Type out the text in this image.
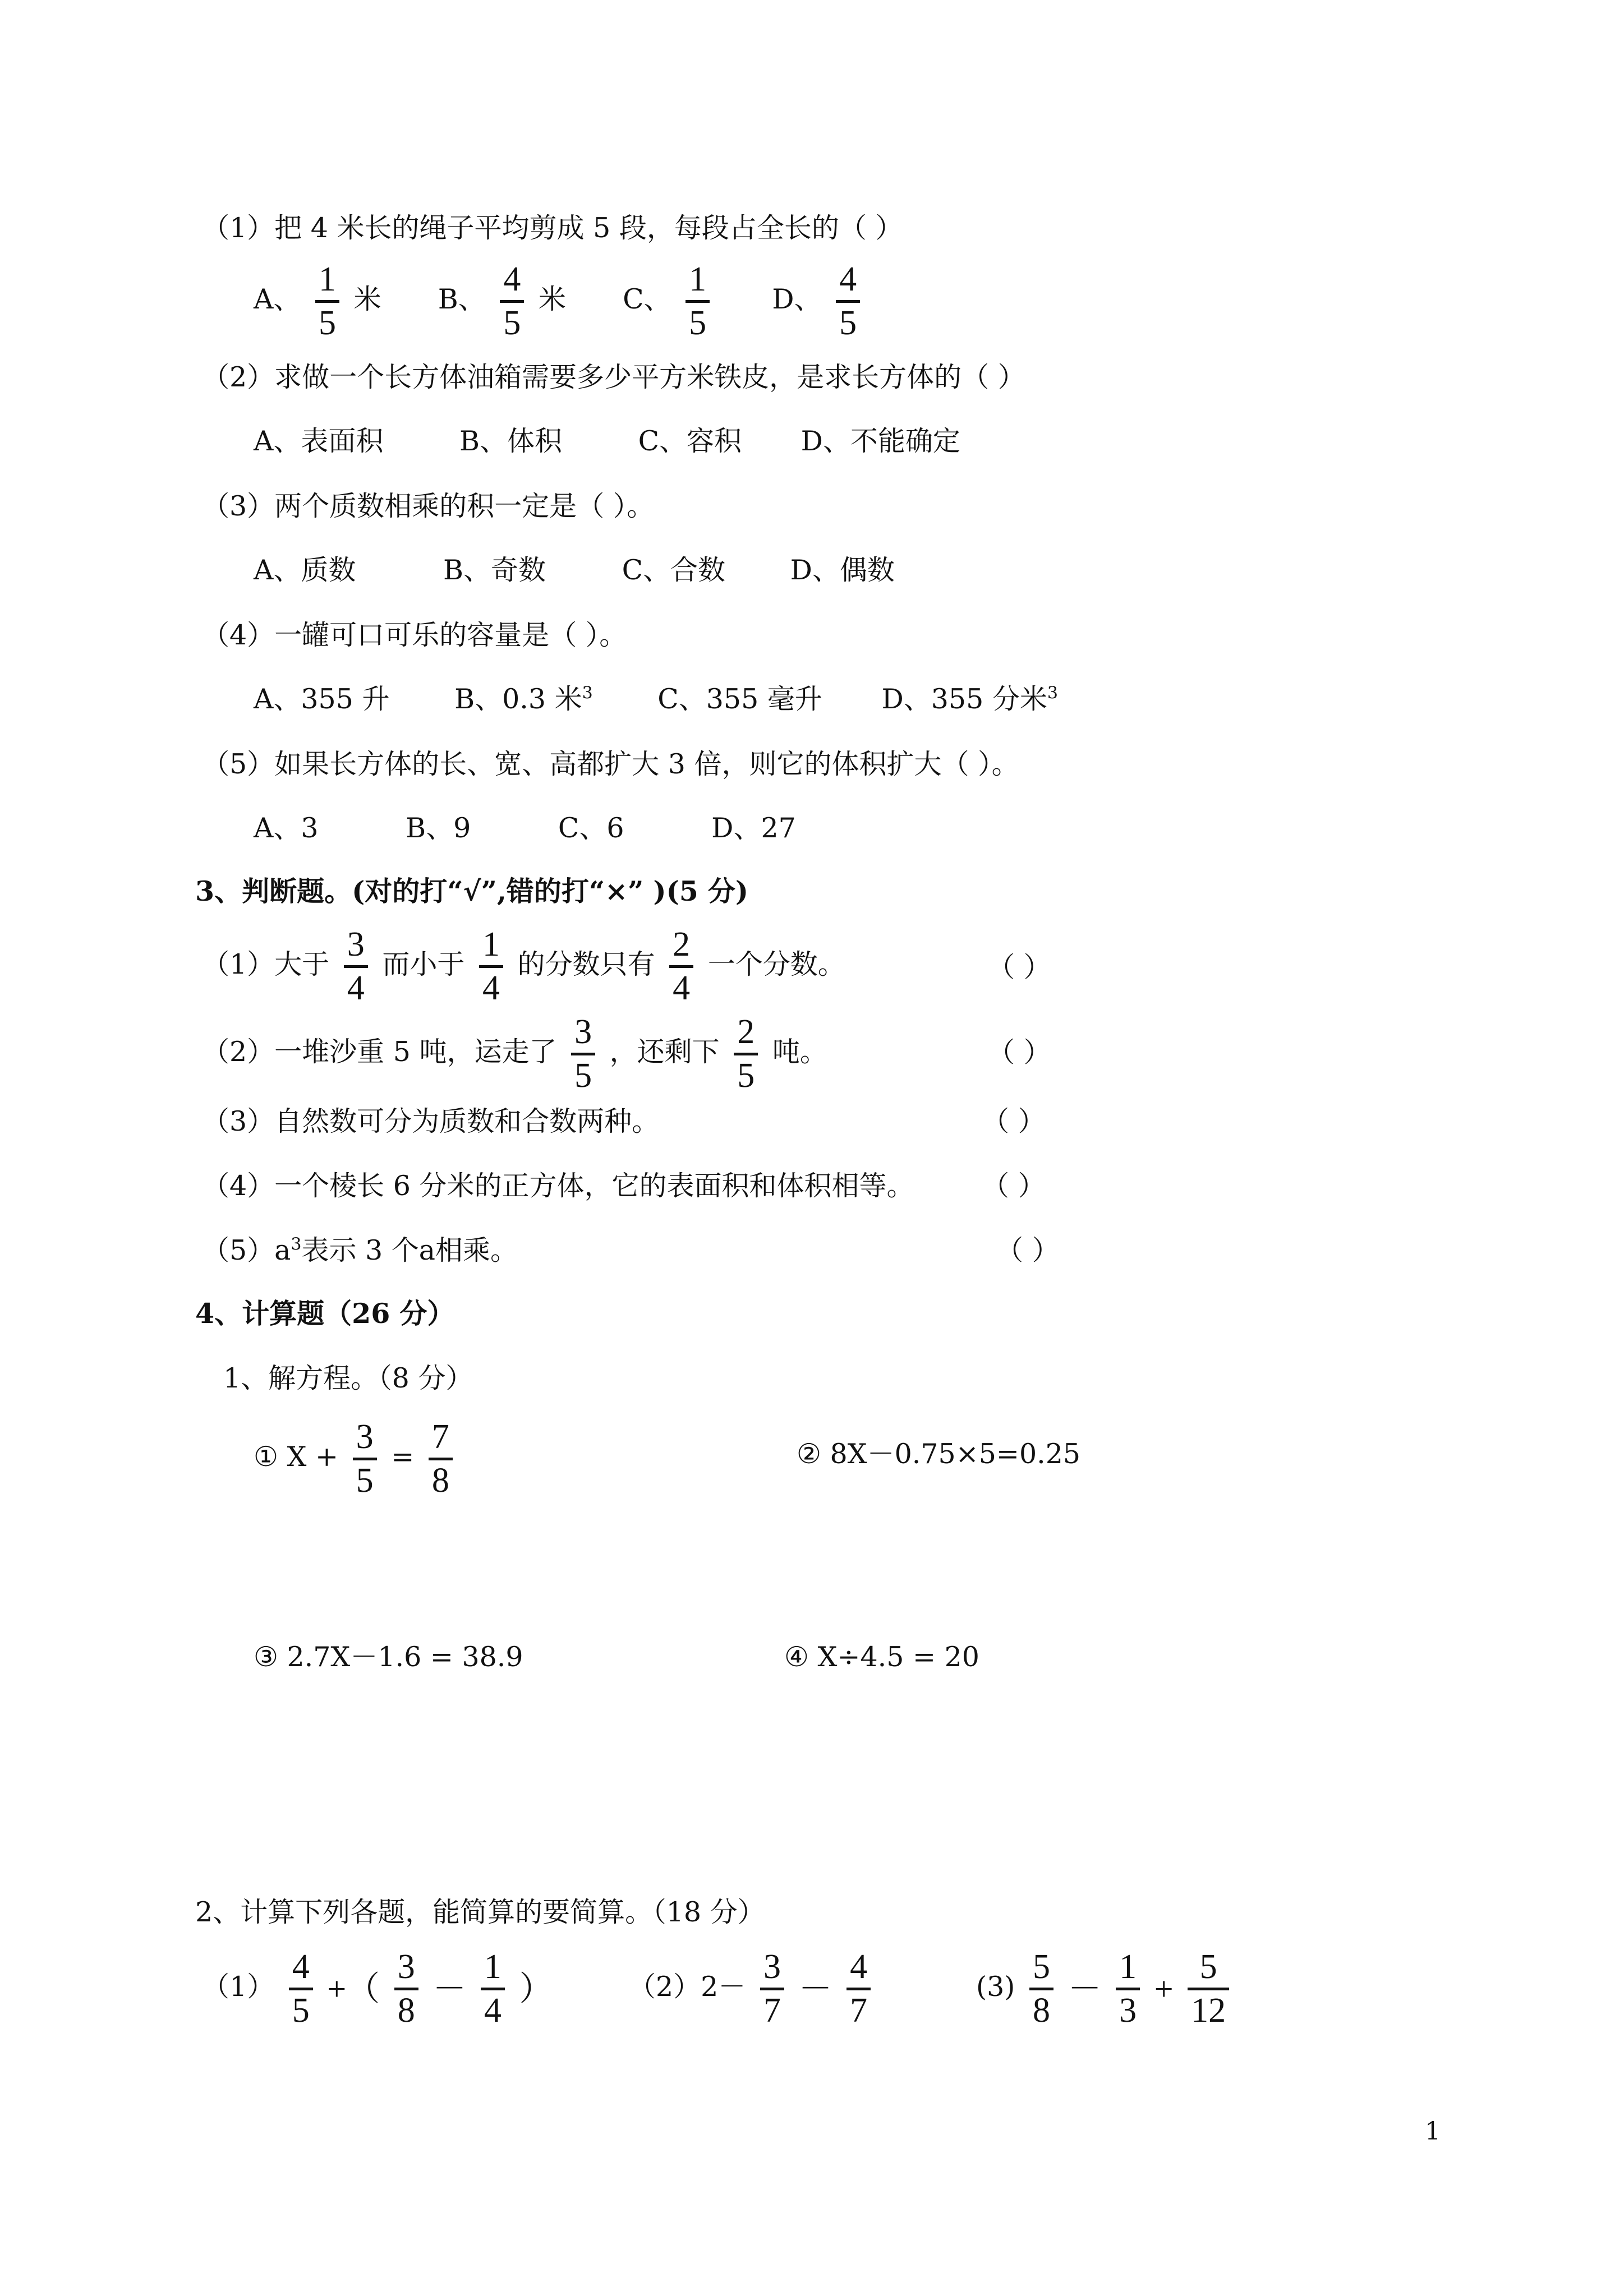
（1）把 4 米长的绳子平均剪成 5 段，每段占全长的（ ）
A、 $\frac{1}{5}$ 米 B、 $\frac{4}{5}$ 米 C、 $\frac{1}{5}$ D、 $\frac{4}{5}$
（2）求做一个长方体油箱需要多少平方米铁皮，是求长方体的（ ）
A、表面积	B、体积	C、容积 D、不能确定
（3）两个质数相乘的积一定是（ ）。
A、质数	B、奇数	C、合数 D、偶数
（4）一罐可口可乐的容量是（ ）。
A、355 升 B、0.3 米$^3$ C、355 毫升 D、355 分米$^3$
（5）如果长方体的长、宽、高都扩大 3 倍，则它的体积扩大（ ）。
A、3	B、9	C、6	D、27
3、判断题。(对的打“√”,错的打“×” )(5 分)
（1）大于 $\frac{3}{4}$ 而小于 $\frac{1}{4}$ 的分数只有 $\frac{2}{4}$ 一个分数。	（ ）
（2）一堆沙重 5 吨，运走了 $\frac{3}{5}$ ，还剩下 $\frac{2}{5}$ 吨。	（ ）
（3）自然数可分为质数和合数两种。	（ ）
（4）一个棱长 6 分米的正方体，它的表面积和体积相等。 （ ）
$(5)a^3$表示 3 个a相乘。	（ ）
4、计算题（26 分）
1、解方程。（8 分）
① $X + \frac{3}{5} = \frac{7}{8}$	② 8X－0.75×5=0.25
③ 2.7X－1.6 = 38.9	④ X÷4.5 = 20
2、计算下列各题，能简算的要简算。（18 分）
$(1) \frac{4}{5}$ +（ $\frac{3}{8} - \frac{1}{4}$ ）	$(2)2- \frac{3}{7} - \frac{4}{7}$	$(3) \frac{5}{8} - \frac{1}{3} + \frac{5}{12}$
1
